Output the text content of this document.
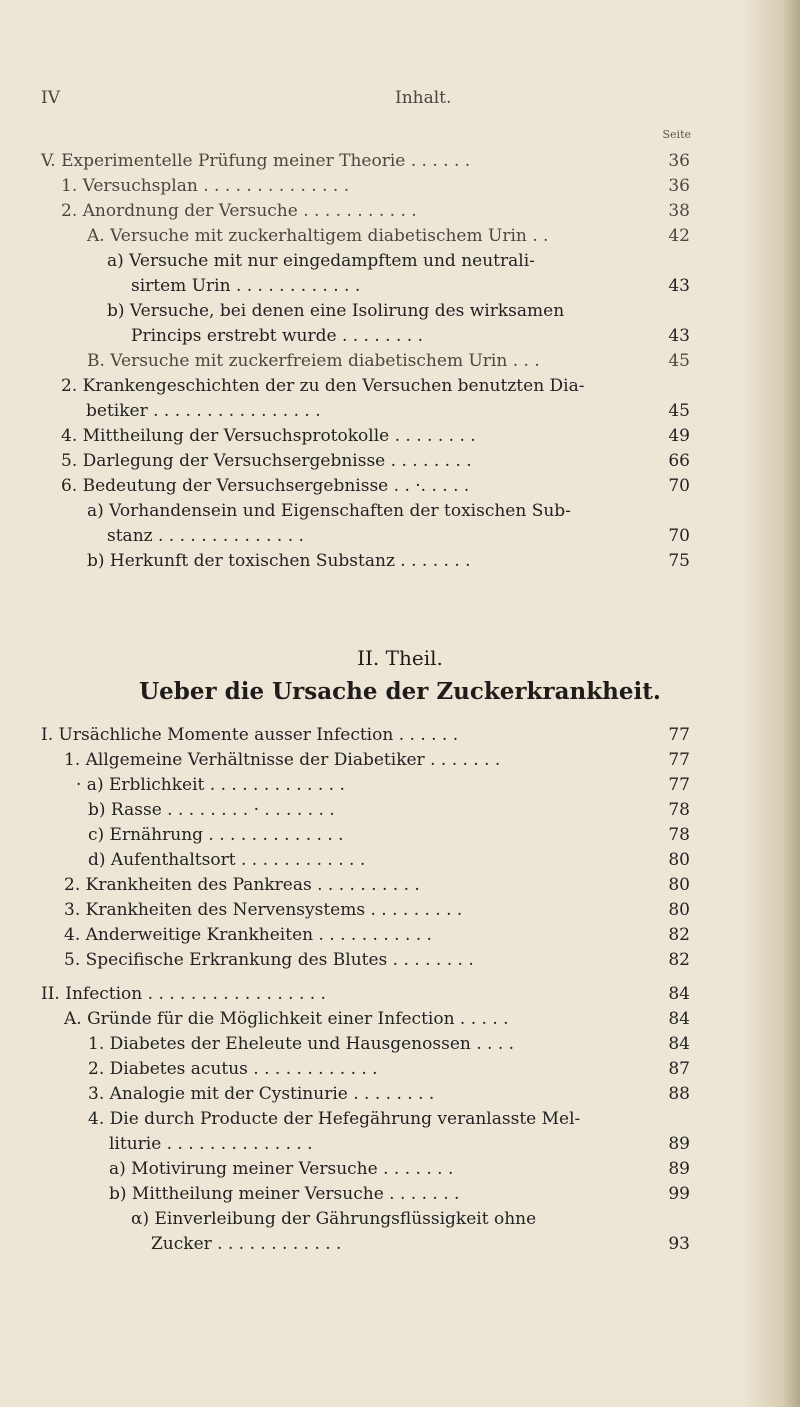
IV	Inhalt.
Seite
V. Experimentelle Prüfung meiner Theorie . . . . . .	36
1. Versuchsplan . . . . . . . . . . . . . .	36
2. Anordnung der Versuche . . . . . . . . . . .	38
A. Versuche mit zuckerhaltigem diabetischem Urin . .	42
a) Versuche mit nur eingedampftem und neutrali-
sirtem Urin . . . . . . . . . . . .	43
b) Versuche, bei denen eine Isolirung des wirksamen
Princips erstrebt wurde . . . . . . . .	43
B. Versuche mit zuckerfreiem diabetischem Urin . . .	45
2. Krankengeschichten der zu den Versuchen benutzten Dia-
betiker . . . . . . . . . . . . . . . .	45
4. Mittheilung der Versuchsprotokolle . . . . . . . .	49
5. Darlegung der Versuchsergebnisse . . . . . . . .	66
6. Bedeutung der Versuchsergebnisse . . ·. . . . .	70
a) Vorhandensein und Eigenschaften der toxischen Sub-
stanz . . . . . . . . . . . . . .	70
b) Herkunft der toxischen Substanz . . . . . . .	75
II. Theil.
Ueber die Ursache der Zuckerkrankheit.
I. Ursächliche Momente ausser Infection . . . . . .	77
1. Allgemeine Verhältnisse der Diabetiker . . . . . . .	77
· a) Erblichkeit . . . . . . . . . . . . .	77
b) Rasse . . . . . . . . · . . . . . . .	78
c) Ernährung . . . . . . . . . . . . .	78
d) Aufenthaltsort . . . . . . . . . . . .	80
2. Krankheiten des Pankreas . . . . . . . . . .	80
3. Krankheiten des Nervensystems . . . . . . . . .	80
4. Anderweitige Krankheiten . . . . . . . . . . .	82
5. Specifische Erkrankung des Blutes . . . . . . . .	82
II. Infection . . . . . . . . . . . . . . . . .	84
A. Gründe für die Möglichkeit einer Infection . . . . .	84
1. Diabetes der Eheleute und Hausgenossen . . . .	84
2. Diabetes acutus . . . . . . . . . . . .	87
3. Analogie mit der Cystinurie . . . . . . . .	88
4. Die durch Producte der Hefegährung veranlasste Mel-
liturie . . . . . . . . . . . . . .	89
a) Motivirung meiner Versuche . . . . . . .	89
b) Mittheilung meiner Versuche . . . . . . .	99
α) Einverleibung der Gährungsflüssigkeit ohne
Zucker . . . . . . . . . . . .	93
